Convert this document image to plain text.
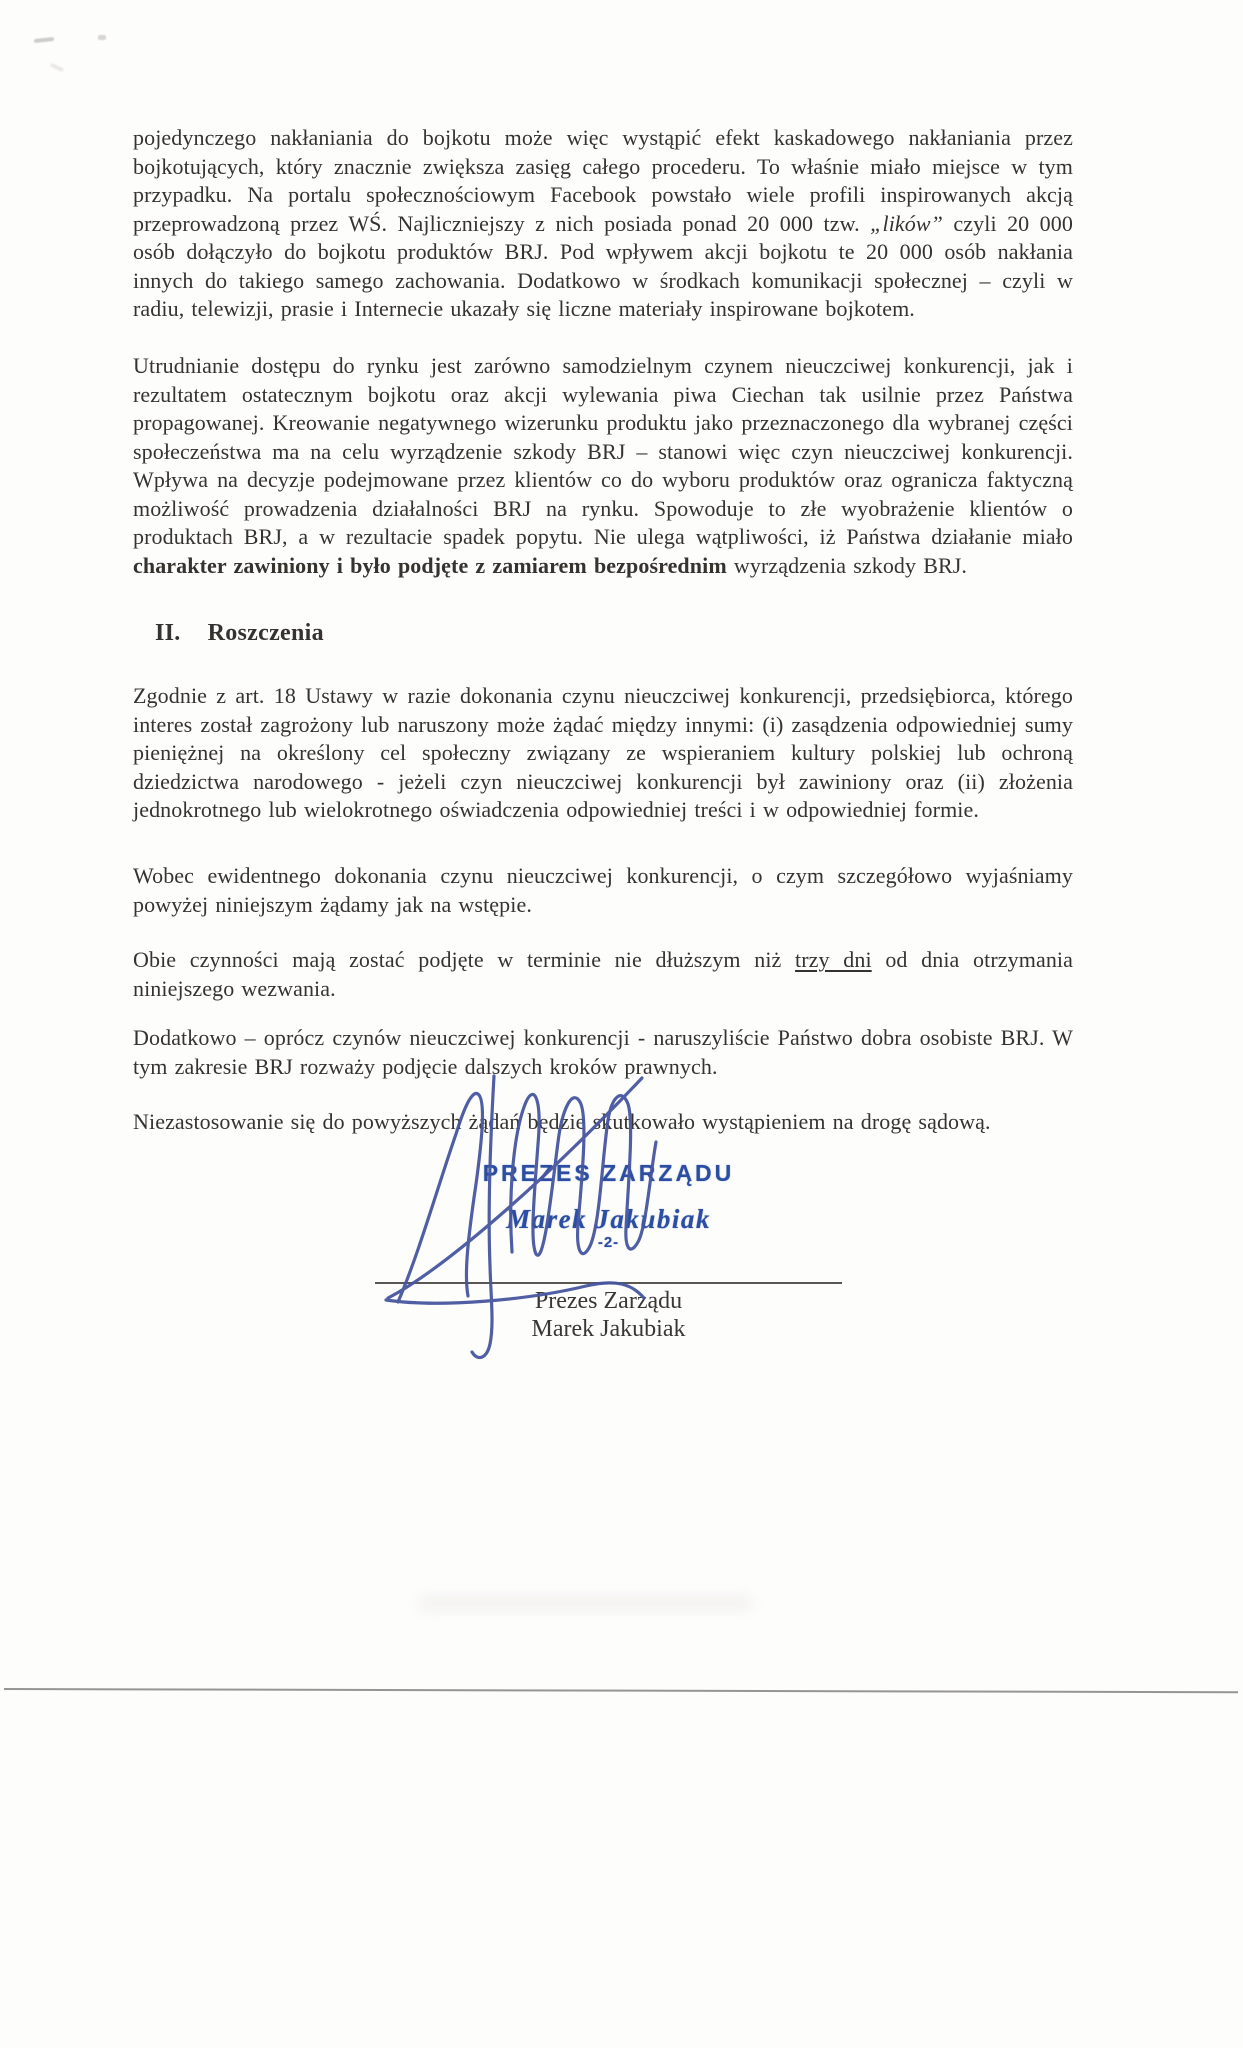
pojedynczego nakłaniania do bojkotu może więc wystąpić efekt kaskadowego nakłaniania przez bojkotujących, który znacznie zwiększa zasięg całego procederu. To właśnie miało miejsce w tym przypadku. Na portalu społecznościowym Facebook powstało wiele profili inspirowanych akcją przeprowadzoną przez WŚ. Najliczniejszy z nich posiada ponad 20 000 tzw. „lików” czyli 20 000 osób dołączyło do bojkotu produktów BRJ. Pod wpływem akcji bojkotu te 20 000 osób nakłania innych do takiego samego zachowania. Dodatkowo w środkach komunikacji społecznej – czyli w radiu, telewizji, prasie i Internecie ukazały się liczne materiały inspirowane bojkotem.

Utrudnianie dostępu do rynku jest zarówno samodzielnym czynem nieuczciwej konkurencji, jak i rezultatem ostatecznym bojkotu oraz akcji wylewania piwa Ciechan tak usilnie przez Państwa propagowanej. Kreowanie negatywnego wizerunku produktu jako przeznaczonego dla wybranej części społeczeństwa ma na celu wyrządzenie szkody BRJ – stanowi więc czyn nieuczciwej konkurencji. Wpływa na decyzje podejmowane przez klientów co do wyboru produktów oraz ogranicza faktyczną możliwość prowadzenia działalności BRJ na rynku. Spowoduje to złe wyobrażenie klientów o produktach BRJ, a w rezultacie spadek popytu. Nie ulega wątpliwości, iż Państwa działanie miało charakter zawiniony i było podjęte z zamiarem bezpośrednim wyrządzenia szkody BRJ.

Zgodnie z art. 18 Ustawy w razie dokonania czynu nieuczciwej konkurencji, przedsiębiorca, którego interes został zagrożony lub naruszony może żądać między innymi: (i) zasądzenia odpowiedniej sumy pieniężnej na określony cel społeczny związany ze wspieraniem kultury polskiej lub ochroną dziedzictwa narodowego - jeżeli czyn nieuczciwej konkurencji był zawiniony oraz (ii) złożenia jednokrotnego lub wielokrotnego oświadczenia odpowiedniej treści i w odpowiedniej formie.

Wobec ewidentnego dokonania czynu nieuczciwej konkurencji, o czym szczegółowo wyjaśniamy powyżej niniejszym żądamy jak na wstępie.

Obie czynności mają zostać podjęte w terminie nie dłuższym niż trzy dni od dnia otrzymania niniejszego wezwania.

Dodatkowo – oprócz czynów nieuczciwej konkurencji - naruszyliście Państwo dobra osobiste BRJ. W tym zakresie BRJ rozważy podjęcie dalszych kroków prawnych.

Niezastosowanie się do powyższych żądań będzie skutkowało wystąpieniem na drogę sądową.

II. Roszczenia
PREZES ZARZĄDU
Marek Jakubiak
-2-
Prezes Zarządu
Marek Jakubiak
